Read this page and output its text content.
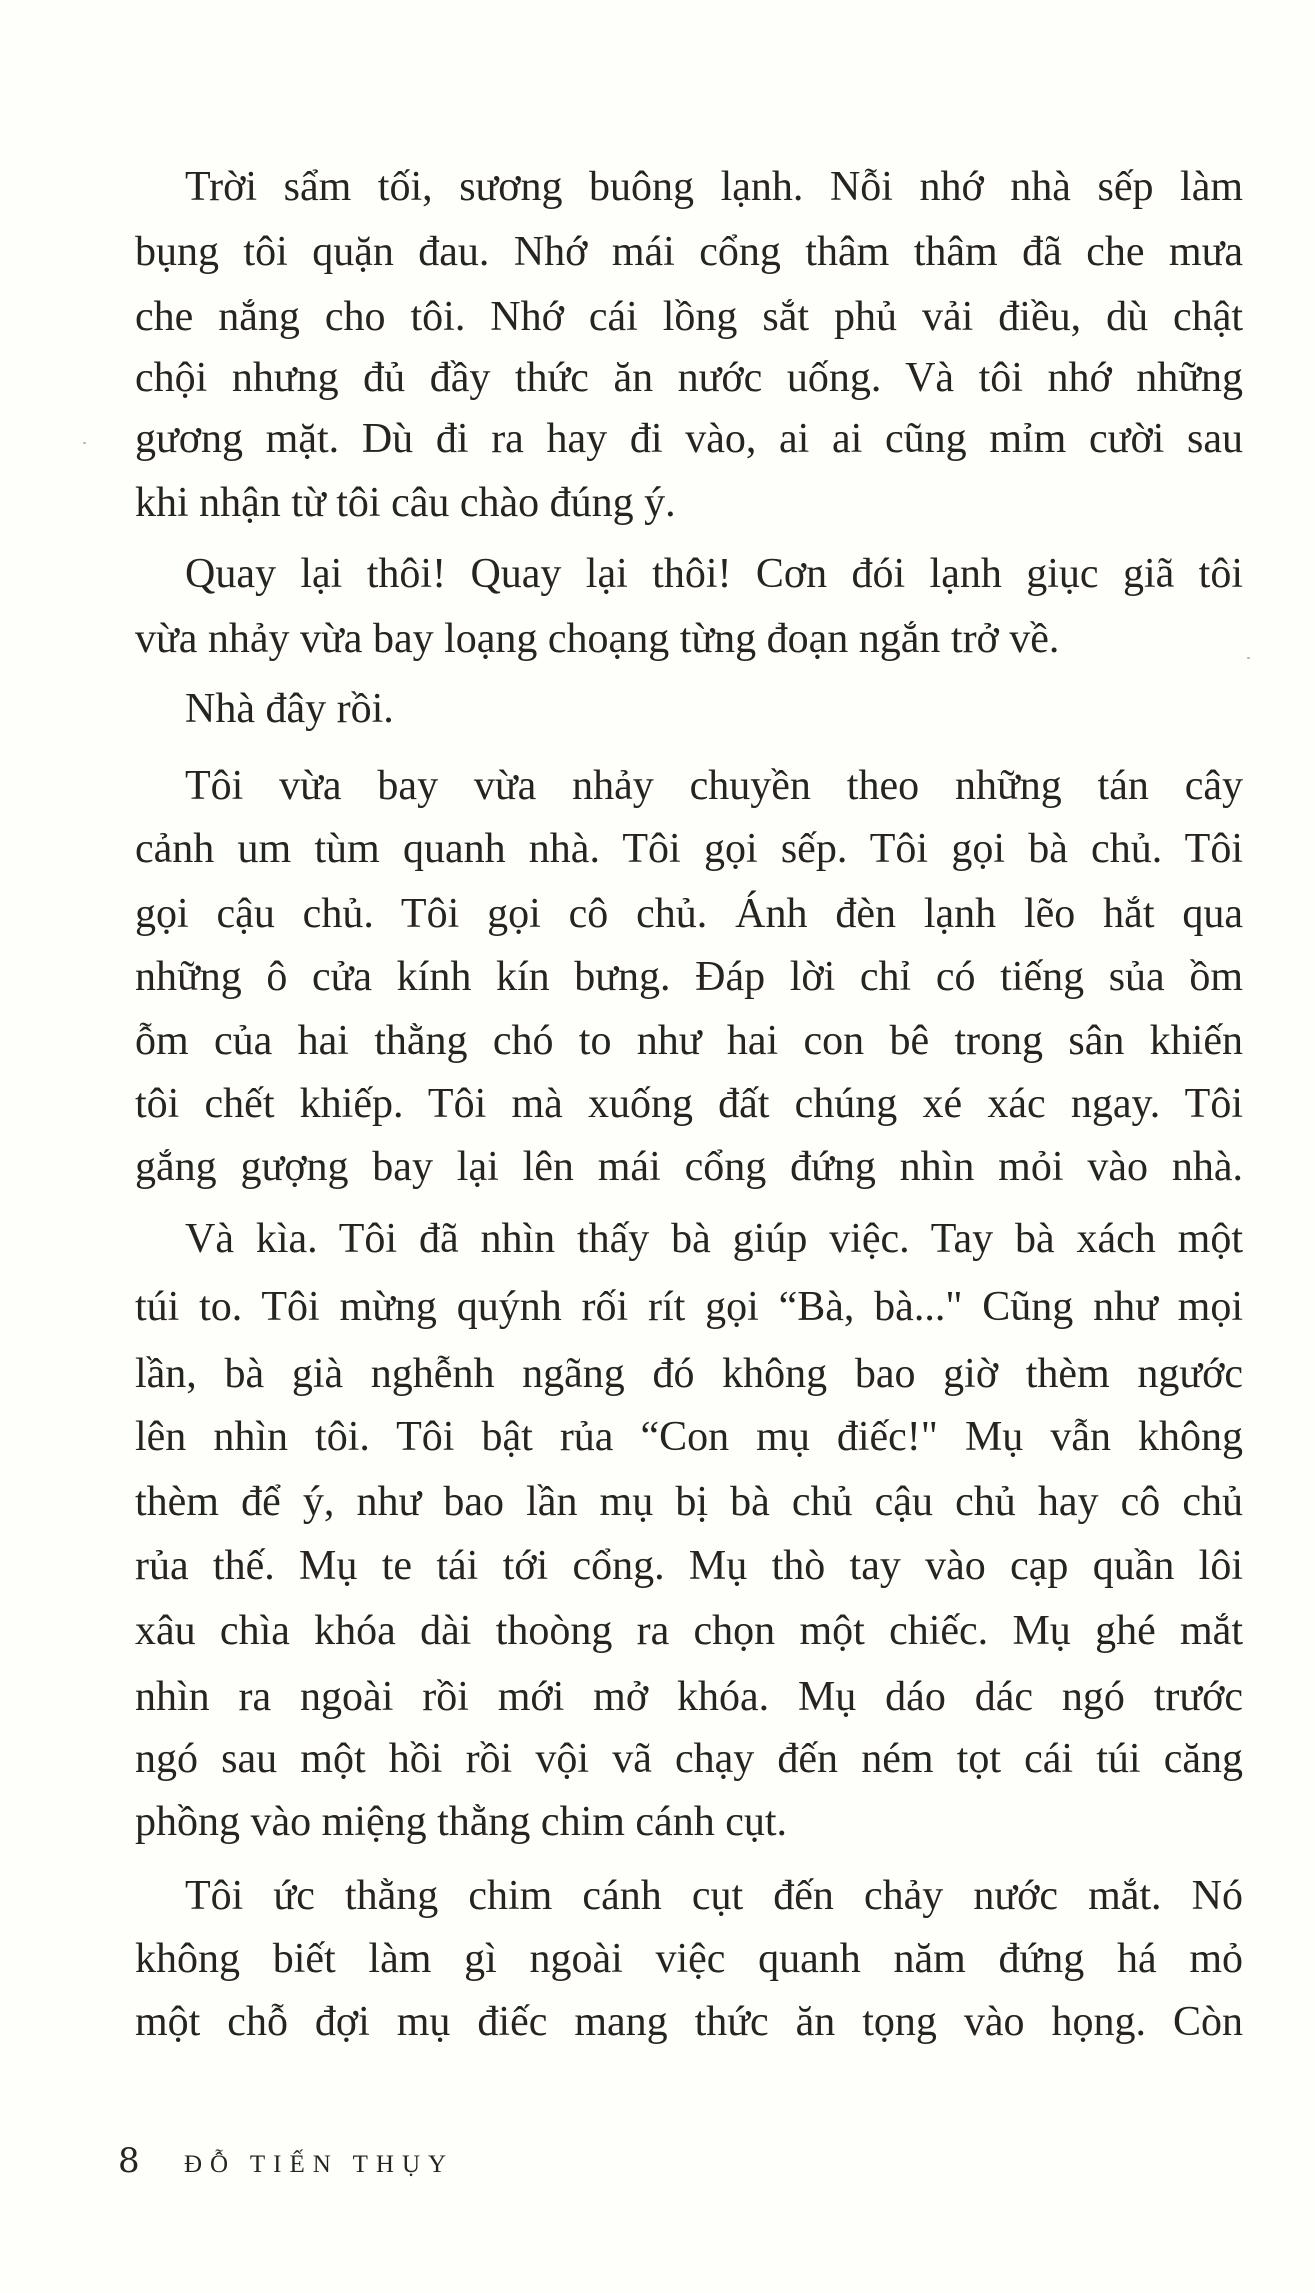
Trời sẩm tối, sương buông lạnh. Nỗi nhớ nhà sếp làm
bụng tôi quặn đau. Nhớ mái cổng thâm thâm đã che mưa
che nắng cho tôi. Nhớ cái lồng sắt phủ vải điều, dù chật
chội nhưng đủ đầy thức ăn nước uống. Và tôi nhớ những
gương mặt. Dù đi ra hay đi vào, ai ai cũng mỉm cười sau
khi nhận từ tôi câu chào đúng ý.
Quay lại thôi! Quay lại thôi! Cơn đói lạnh giục giã tôi
vừa nhảy vừa bay loạng choạng từng đoạn ngắn trở về.
Nhà đây rồi.
Tôi vừa bay vừa nhảy chuyền theo những tán cây
cảnh um tùm quanh nhà. Tôi gọi sếp. Tôi gọi bà chủ. Tôi
gọi cậu chủ. Tôi gọi cô chủ. Ánh đèn lạnh lẽo hắt qua
những ô cửa kính kín bưng. Đáp lời chỉ có tiếng sủa ồm
ỗm của hai thằng chó to như hai con bê trong sân khiến
tôi chết khiếp. Tôi mà xuống đất chúng xé xác ngay. Tôi
gắng gượng bay lại lên mái cổng đứng nhìn mỏi vào nhà.
Và kìa. Tôi đã nhìn thấy bà giúp việc. Tay bà xách một
túi to. Tôi mừng quýnh rối rít gọi “Bà, bà..." Cũng như mọi
lần, bà già nghễnh ngãng đó không bao giờ thèm ngước
lên nhìn tôi. Tôi bật rủa “Con mụ điếc!" Mụ vẫn không
thèm để ý, như bao lần mụ bị bà chủ cậu chủ hay cô chủ
rủa thế. Mụ te tái tới cổng. Mụ thò tay vào cạp quần lôi
xâu chìa khóa dài thoòng ra chọn một chiếc. Mụ ghé mắt
nhìn ra ngoài rồi mới mở khóa. Mụ dáo dác ngó trước
ngó sau một hồi rồi vội vã chạy đến ném tọt cái túi căng
phồng vào miệng thằng chim cánh cụt.
Tôi ức thằng chim cánh cụt đến chảy nước mắt. Nó
không biết làm gì ngoài việc quanh năm đứng há mỏ
một chỗ đợi mụ điếc mang thức ăn tọng vào họng. Còn
8 ĐỖ TIẾN THỤY
